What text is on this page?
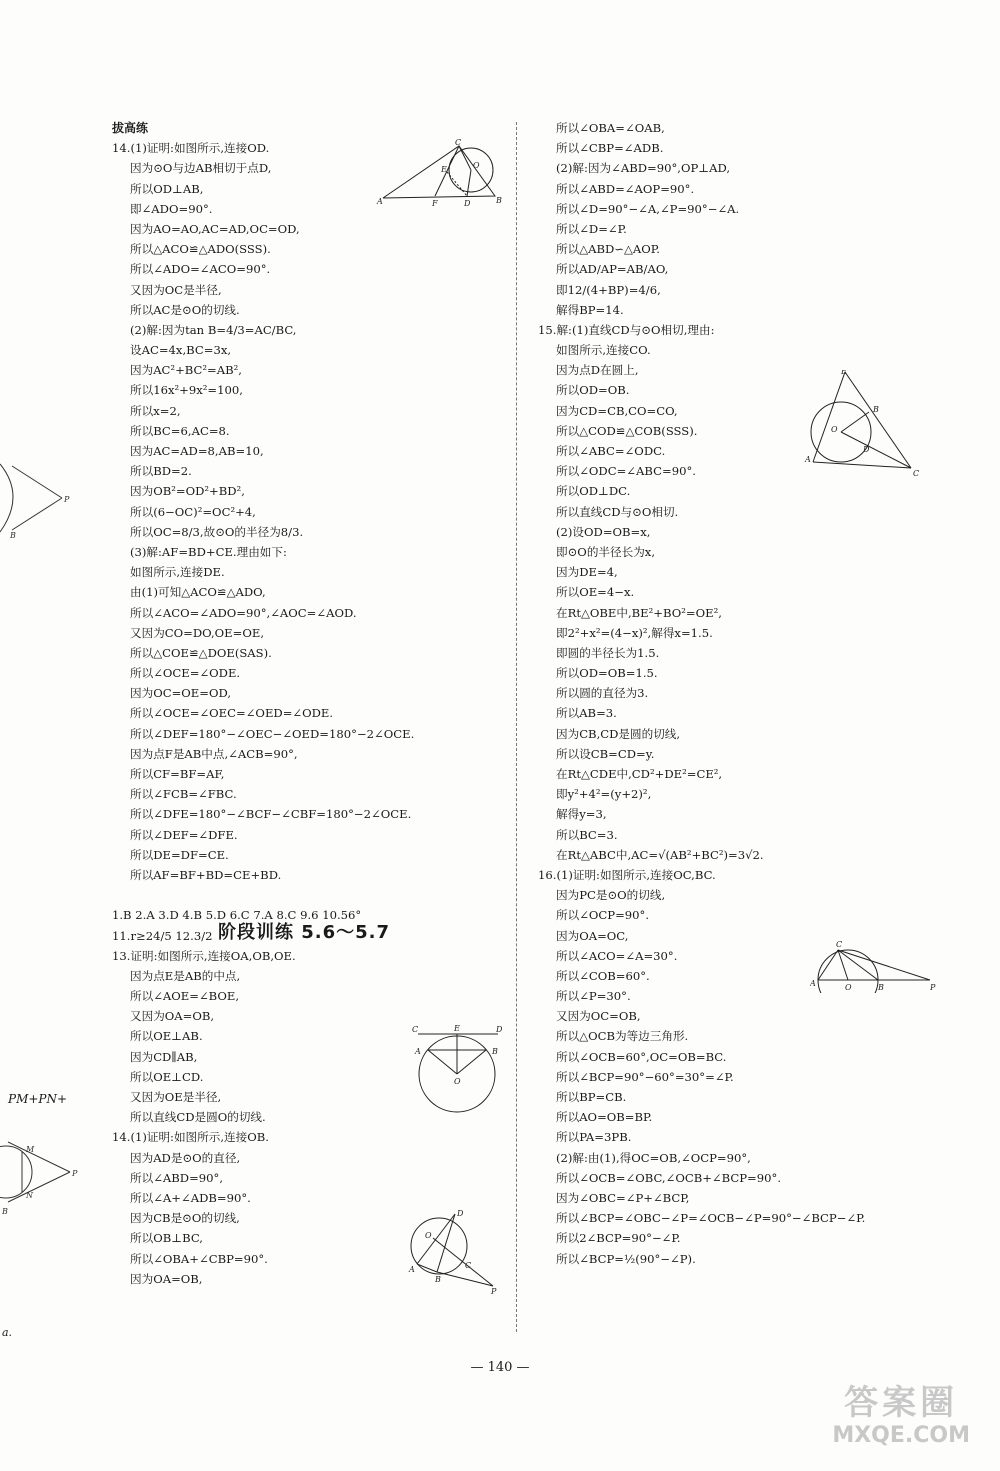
拔高练
14.(1)证明:如图所示,连接OD.
因为⊙O与边AB相切于点D,
所以OD⊥AB,
即∠ADO=90°.
因为AO=AO,AC=AD,OC=OD,
所以△ACO≌△ADO(SSS).
所以∠ADO=∠ACO=90°.
又因为OC是半径,
所以AC是⊙O的切线.
(2)解:因为tan B=4/3=AC/BC,
设AC=4x,BC=3x,
因为AC²+BC²=AB²,
所以16x²+9x²=100,
所以x=2,
所以BC=6,AC=8.
因为AC=AD=8,AB=10,
所以BD=2.
因为OB²=OD²+BD²,
所以(6−OC)²=OC²+4,
所以OC=8/3,故⊙O的半径为8/3.
(3)解:AF=BD+CE.理由如下:
如图所示,连接DE.
由(1)可知△ACO≌△ADO,
所以∠ACO=∠ADO=90°,∠AOC=∠AOD.
又因为CO=DO,OE=OE,
所以△COE≌△DOE(SAS).
所以∠OCE=∠ODE.
因为OC=OE=OD,
所以∠OCE=∠OEC=∠OED=∠ODE.
所以∠DEF=180°−∠OEC−∠OED=180°−2∠OCE.
因为点F是AB中点,∠ACB=90°,
所以CF=BF=AF,
所以∠FCB=∠FBC.
所以∠DFE=180°−∠BCF−∠CBF=180°−2∠OCE.
所以∠DEF=∠DFE.
所以DE=DF=CE.
所以AF=BF+BD=CE+BD.
1.B 2.A 3.D 4.B 5.D 6.C 7.A 8.C 9.6 10.56°
11.r≥24/5 12.3/2
13.证明:如图所示,连接OA,OB,OE.
因为点E是AB的中点,
所以∠AOE=∠BOE,
又因为OA=OB,
所以OE⊥AB.
因为CD∥AB,
所以OE⊥CD.
又因为OE是半径,
所以直线CD是圆O的切线.
14.(1)证明:如图所示,连接OB.
因为AD是⊙O的直径,
所以∠ABD=90°,
所以∠A+∠ADB=90°.
因为CB是⊙O的切线,
所以OB⊥BC,
所以∠OBA+∠CBP=90°.
因为OA=OB,
阶段训练 5.6～5.7
所以∠OBA=∠OAB,
所以∠CBP=∠ADB.
(2)解:因为∠ABD=90°,OP⊥AD,
所以∠ABD=∠AOP=90°.
所以∠D=90°−∠A,∠P=90°−∠A.
所以∠D=∠P.
所以△ABD∽△AOP.
所以AD/AP=AB/AO,
即12/(4+BP)=4/6,
解得BP=14.
15.解:(1)直线CD与⊙O相切,理由:
如图所示,连接CO.
因为点D在圆上,
所以OD=OB.
因为CD=CB,CO=CO,
所以△COD≌△COB(SSS).
所以∠ABC=∠ODC.
所以∠ODC=∠ABC=90°.
所以OD⊥DC.
所以直线CD与⊙O相切.
(2)设OD=OB=x,
即⊙O的半径长为x,
因为DE=4,
所以OE=4−x.
在Rt△OBE中,BE²+BO²=OE²,
即2²+x²=(4−x)²,解得x=1.5.
即圆的半径长为1.5.
所以OD=OB=1.5.
所以圆的直径为3.
所以AB=3.
因为CB,CD是圆的切线,
所以设CB=CD=y.
在Rt△CDE中,CD²+DE²=CE²,
即y²+4²=(y+2)²,
解得y=3,
所以BC=3.
在Rt△ABC中,AC=√(AB²+BC²)=3√2.
16.(1)证明:如图所示,连接OC,BC.
因为PC是⊙O的切线,
所以∠OCP=90°.
因为OA=OC,
所以∠ACO=∠A=30°.
所以∠COB=60°.
所以∠P=30°.
又因为OC=OB,
所以△OCB为等边三角形.
所以∠OCB=60°,OC=OB=BC.
所以∠BCP=90°−60°=30°=∠P.
所以BP=CB.
所以AO=OB=BP.
所以PA=3PB.
(2)解:由(1),得OC=OB,∠OCP=90°,
所以∠OCB=∠OBC,∠OCB+∠BCP=90°.
因为∠OBC=∠P+∠BCP,
所以∠BCP=∠OBC−∠P=∠OCB−∠P=90°−∠BCP−∠P.
所以2∠BCP=90°−∠P.
所以∠BCP=½(90°−∠P).
C
O
E
A	F	D	B
E
B
O
A
D
C
C	E	D
A	B
O
C
A	O	B	P
D
O
A
B
C
P
P
B
PM+PN+
M
N
P
B
a.
— 140 —
答案圈
MXQE.COM
